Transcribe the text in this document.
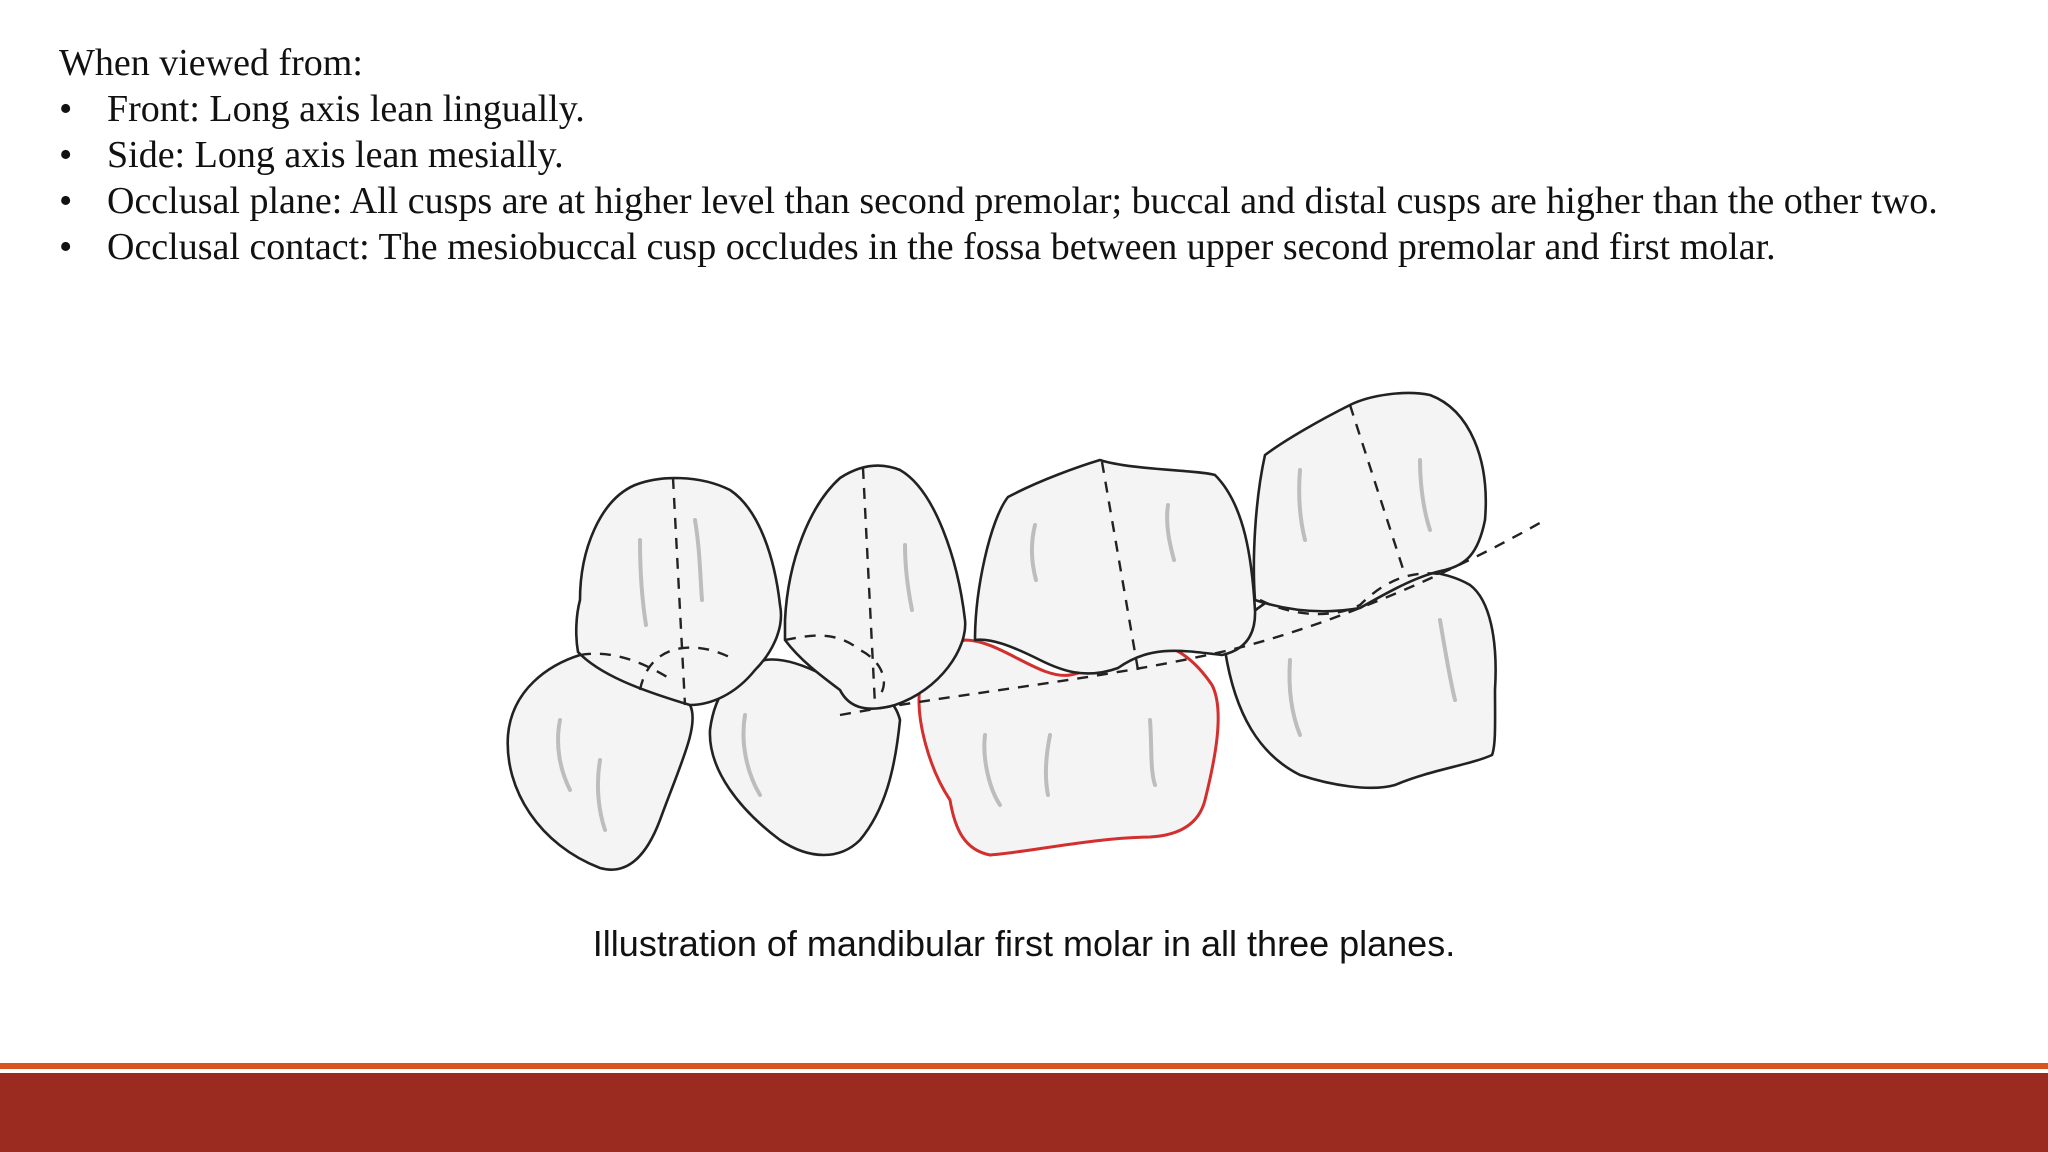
When viewed from:

• Front: Long axis lean lingually.
• Side: Long axis lean mesially.
• Occlusal plane: All cusps are at higher level than second premolar; buccal and distal cusps are higher than the other two.
• Occlusal contact: The mesiobuccal cusp occludes in the fossa between upper second premolar and first molar.
Illustration of mandibular first molar in all three planes.
